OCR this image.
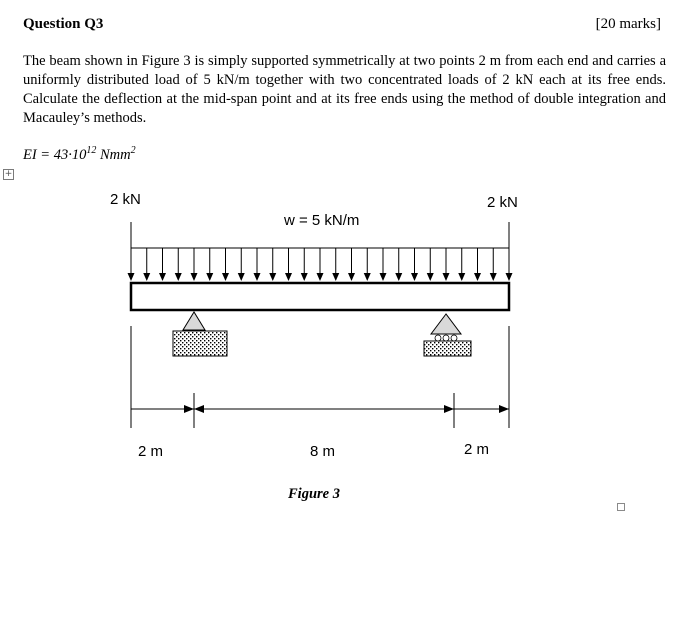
Question Q3	[20 marks]
The beam shown in Figure 3 is simply supported symmetrically at two points 2 m from each end and carries a uniformly distributed load of 5 kN/m together with two concentrated loads of 2 kN each at its free ends. Calculate the deflection at the mid-span point and at its free ends using the method of double integration and Macauley’s methods.
EI = $43\cdot 10^{12}$ Nmm$^2$
+
2 kN	2 kN
w = 5 kN/m
2 m	8 m	2 m
Figure 3
